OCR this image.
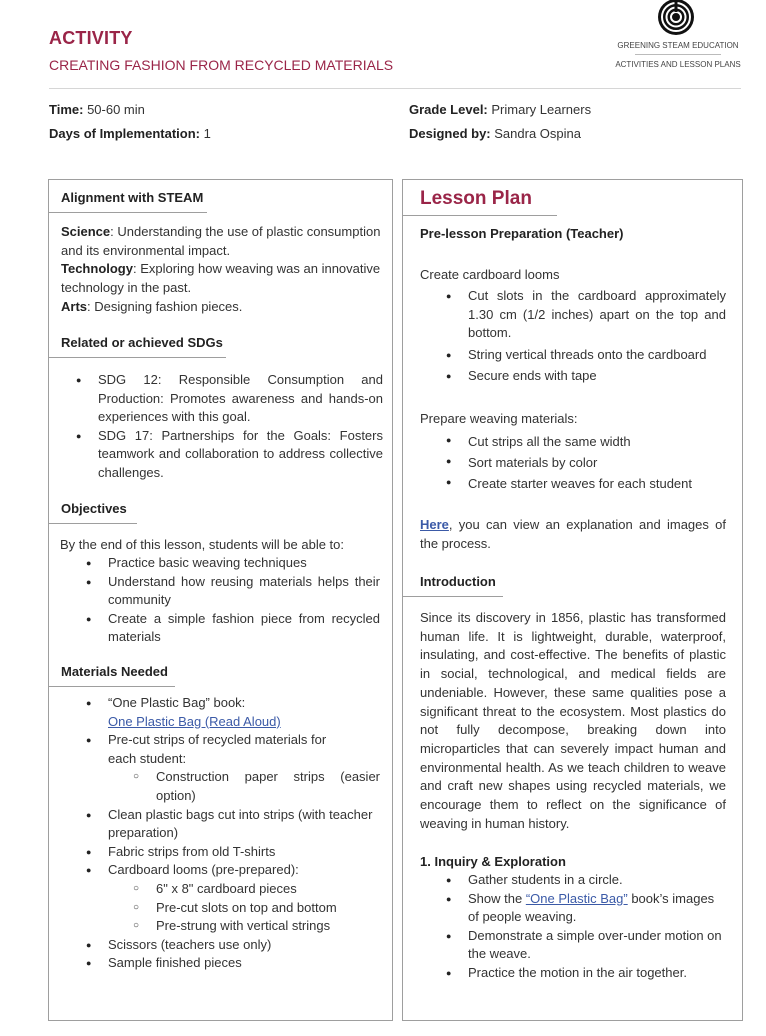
ACTIVITY
CREATING FASHION FROM RECYCLED MATERIALS
GREENING STEAM EDUCATION
ACTIVITIES AND LESSON PLANS
Time: 50-60 min
Days of Implementation: 1
Grade Level: Primary Learners
Designed by: Sandra Ospina
Alignment with STEAM
Science: Understanding the use of plastic consumption and its environmental impact.
Technology: Exploring how weaving was an innovative technology in the past.
Arts: Designing fashion pieces.
Related or achieved SDGs
● SDG 12: Responsible Consumption and Production: Promotes awareness and hands-on experiences with this goal.
● SDG 17: Partnerships for the Goals: Fosters teamwork and collaboration to address collective challenges.
Objectives
By the end of this lesson, students will be able to:
● Practice basic weaving techniques
● Understand how reusing materials helps their community
● Create a simple fashion piece from recycled materials
Materials Needed
● “One Plastic Bag” book:
One Plastic Bag (Read Aloud)
● Pre-cut strips of recycled materials for each student:
○ Construction paper strips (easier option)
● Clean plastic bags cut into strips (with teacher preparation)
● Fabric strips from old T-shirts
● Cardboard looms (pre-prepared):
○ 6" x 8" cardboard pieces
○ Pre-cut slots on top and bottom
○ Pre-strung with vertical strings
● Scissors (teachers use only)
● Sample finished pieces
Lesson Plan
Pre-lesson Preparation (Teacher)
Create cardboard looms
● Cut slots in the cardboard approximately 1.30 cm (1/2 inches) apart on the top and bottom.
● String vertical threads onto the cardboard
● Secure ends with tape
Prepare weaving materials:
● Cut strips all the same width
● Sort materials by color
● Create starter weaves for each student
Here, you can view an explanation and images of the process.
Introduction
Since its discovery in 1856, plastic has transformed human life. It is lightweight, durable, waterproof, insulating, and cost-effective. The benefits of plastic in social, technological, and medical fields are undeniable. However, these same qualities pose a significant threat to the ecosystem. Most plastics do not fully decompose, breaking down into microparticles that can severely impact human and environmental health. As we teach children to weave and craft new shapes using recycled materials, we encourage them to reflect on the significance of weaving in human history.
1. Inquiry & Exploration
● Gather students in a circle.
● Show the “One Plastic Bag” book’s images of people weaving.
● Demonstrate a simple over-under motion on the weave.
● Practice the motion in the air together.
